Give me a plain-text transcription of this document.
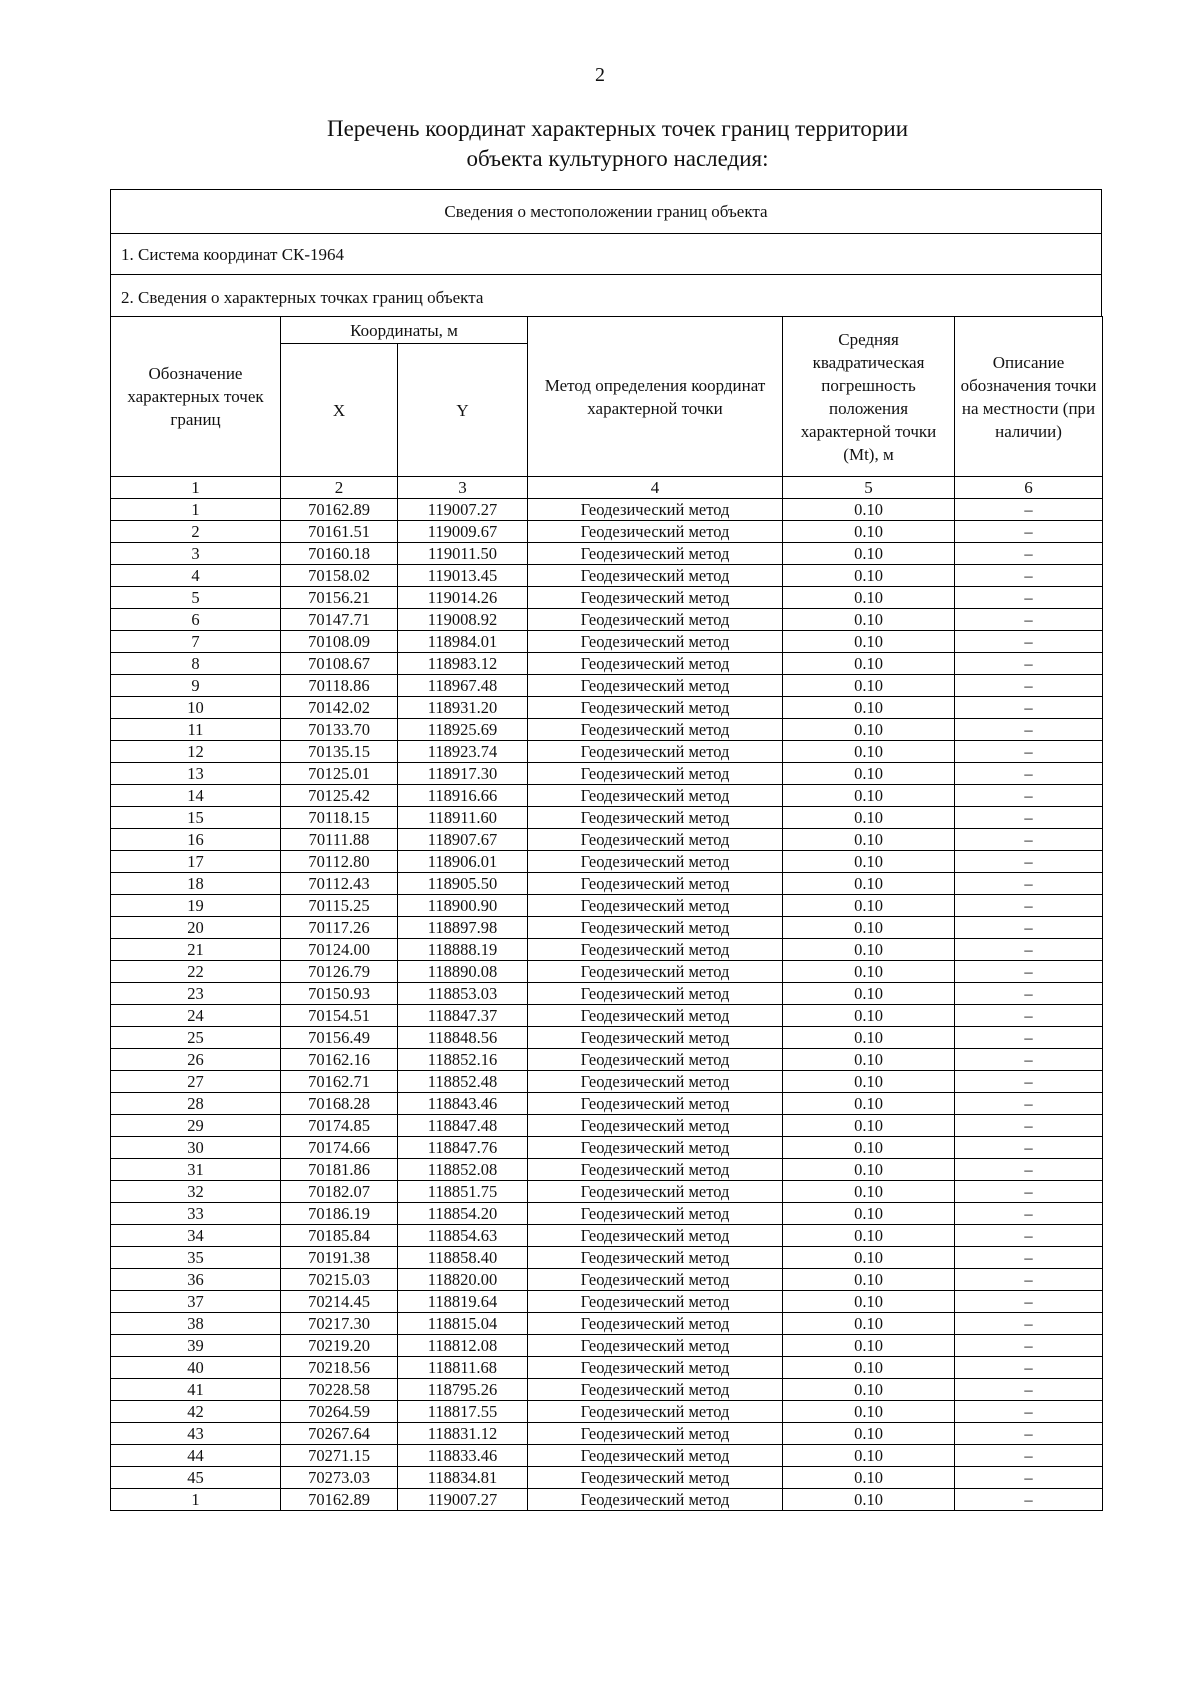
2
Перечень координат характерных точек границ территории
объекта культурного наследия:
Сведения о местоположении границ объекта
1. Система координат СК-1964
2. Сведения о характерных точках границ объекта
Обозначение характерных точек границ	Координаты, м		Метод определения координат характерной точки	Средняя квадратическая погрешность положения характерной точки (Mt), м	Описание обозначения точки на местности (при наличии)
	X	Y			
1	2	3	4	5	6
1	70162.89	119007.27	Геодезический метод	0.10	–
2	70161.51	119009.67	Геодезический метод	0.10	–
3	70160.18	119011.50	Геодезический метод	0.10	–
4	70158.02	119013.45	Геодезический метод	0.10	–
5	70156.21	119014.26	Геодезический метод	0.10	–
6	70147.71	119008.92	Геодезический метод	0.10	–
7	70108.09	118984.01	Геодезический метод	0.10	–
8	70108.67	118983.12	Геодезический метод	0.10	–
9	70118.86	118967.48	Геодезический метод	0.10	–
10	70142.02	118931.20	Геодезический метод	0.10	–
11	70133.70	118925.69	Геодезический метод	0.10	–
12	70135.15	118923.74	Геодезический метод	0.10	–
13	70125.01	118917.30	Геодезический метод	0.10	–
14	70125.42	118916.66	Геодезический метод	0.10	–
15	70118.15	118911.60	Геодезический метод	0.10	–
16	70111.88	118907.67	Геодезический метод	0.10	–
17	70112.80	118906.01	Геодезический метод	0.10	–
18	70112.43	118905.50	Геодезический метод	0.10	–
19	70115.25	118900.90	Геодезический метод	0.10	–
20	70117.26	118897.98	Геодезический метод	0.10	–
21	70124.00	118888.19	Геодезический метод	0.10	–
22	70126.79	118890.08	Геодезический метод	0.10	–
23	70150.93	118853.03	Геодезический метод	0.10	–
24	70154.51	118847.37	Геодезический метод	0.10	–
25	70156.49	118848.56	Геодезический метод	0.10	–
26	70162.16	118852.16	Геодезический метод	0.10	–
27	70162.71	118852.48	Геодезический метод	0.10	–
28	70168.28	118843.46	Геодезический метод	0.10	–
29	70174.85	118847.48	Геодезический метод	0.10	–
30	70174.66	118847.76	Геодезический метод	0.10	–
31	70181.86	118852.08	Геодезический метод	0.10	–
32	70182.07	118851.75	Геодезический метод	0.10	–
33	70186.19	118854.20	Геодезический метод	0.10	–
34	70185.84	118854.63	Геодезический метод	0.10	–
35	70191.38	118858.40	Геодезический метод	0.10	–
36	70215.03	118820.00	Геодезический метод	0.10	–
37	70214.45	118819.64	Геодезический метод	0.10	–
38	70217.30	118815.04	Геодезический метод	0.10	–
39	70219.20	118812.08	Геодезический метод	0.10	–
40	70218.56	118811.68	Геодезический метод	0.10	–
41	70228.58	118795.26	Геодезический метод	0.10	–
42	70264.59	118817.55	Геодезический метод	0.10	–
43	70267.64	118831.12	Геодезический метод	0.10	–
44	70271.15	118833.46	Геодезический метод	0.10	–
45	70273.03	118834.81	Геодезический метод	0.10	–
1	70162.89	119007.27	Геодезический метод	0.10	–
